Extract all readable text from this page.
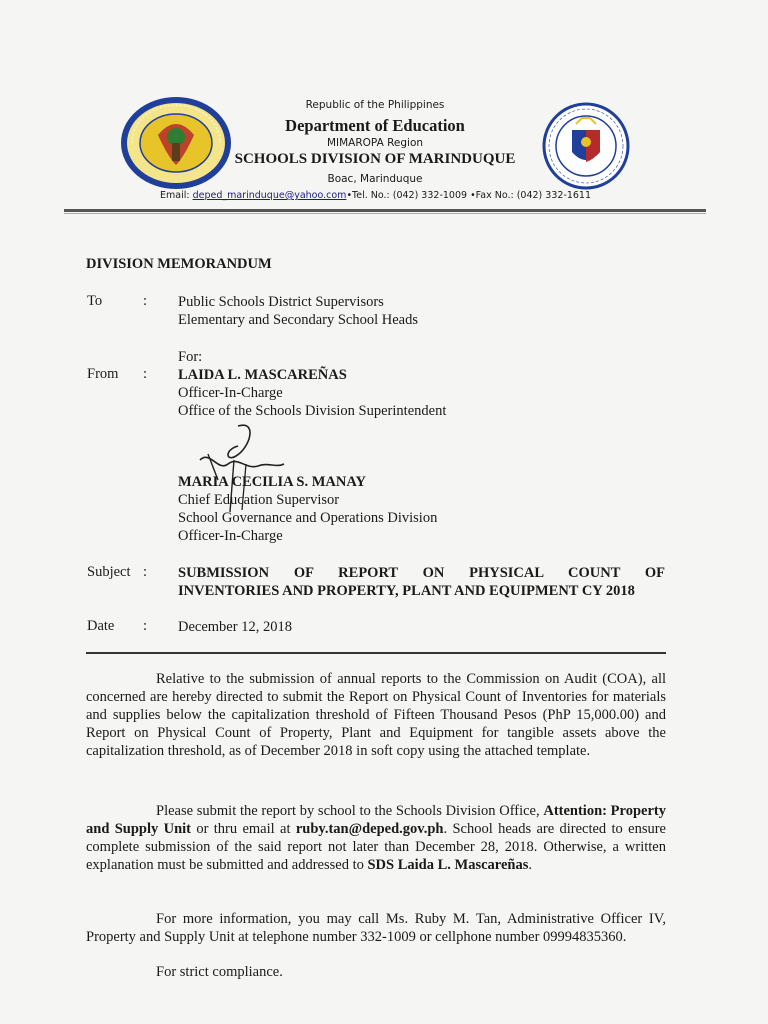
Republic of the Philippines
Department of Education
MIMAROPA Region
SCHOOLS DIVISION OF MARINDUQUE
Boac, Marinduque
Email: deped_marinduque@yahoo.com•Tel. No.: (042) 332-1009 •Fax No.: (042) 332-1611
DIVISION MEMORANDUM
To	: Public Schools District Supervisors
Elementary and Secondary School Heads
For:
From : LAIDA L. MASCAREÑAS
Officer-In-Charge
Office of the Schools Division Superintendent
MARIA CECILIA S. MANAY
Chief Education Supervisor
School Governance and Operations Division
Officer-In-Charge
Subject : SUBMISSION OF REPORT ON PHYSICAL COUNT OF
INVENTORIES AND PROPERTY, PLANT AND EQUIPMENT CY 2018
Date : December 12, 2018
Relative to the submission of annual reports to the Commission on Audit (COA), all concerned are hereby directed to submit the Report on Physical Count of Inventories for materials and supplies below the capitalization threshold of Fifteen Thousand Pesos (PhP 15,000.00) and Report on Physical Count of Property, Plant and Equipment for tangible assets above the capitalization threshold, as of December 2018 in soft copy using the attached template.
Please submit the report by school to the Schools Division Office, Attention: Property and Supply Unit or thru email at ruby.tan@deped.gov.ph. School heads are directed to ensure complete submission of the said report not later than December 28, 2018. Otherwise, a written explanation must be submitted and addressed to SDS Laida L. Mascareñas.
For more information, you may call Ms. Ruby M. Tan, Administrative Officer IV, Property and Supply Unit at telephone number 332-1009 or cellphone number 09994835360.
For strict compliance.
